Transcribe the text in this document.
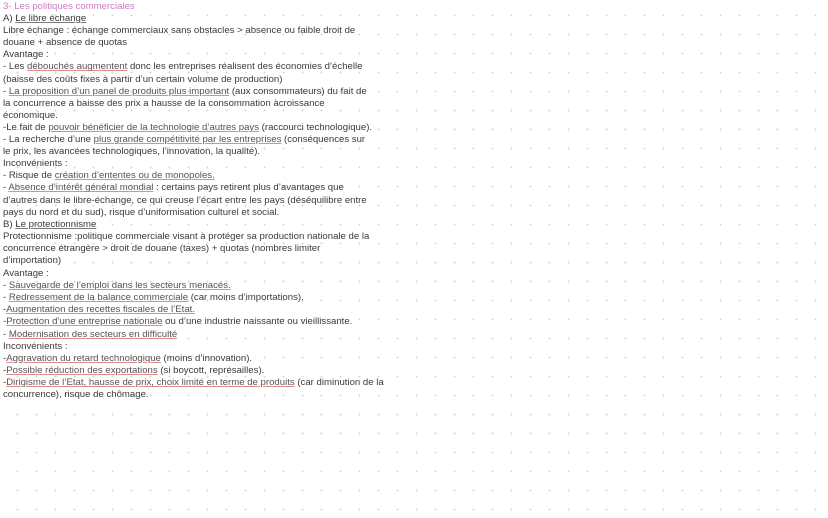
3- Les politiques commerciales
A) Le libre échange
Libre échange : échange commerciaux sans obstacles > absence ou faible droit de
douane + absence de quotas
Avantage :
- Les débouchés augmentent donc les entreprises réalisent des économies d’échelle
(baisse des coûts fixes à partir d’un certain volume de production)
- La proposition d’un panel de produits plus important (aux consommateurs) du fait de
la concurrence a baisse des prix a hausse de la consommation àcroissance
économique.
-Le fait de pouvoir bénéficier de la technologie d’autres pays (raccourci technologique).
- La recherche d’une plus grande compétitivité par les entreprises (conséquences sur
le prix, les avancées technologiques, l’innovation, la qualité).
Inconvénients :
- Risque de création d’ententes ou de monopoles.
- Absence d’intérêt général mondial : certains pays retirent plus d’avantages que
d’autres dans le libre-échange, ce qui creuse l’écart entre les pays (déséquilibre entre
pays du nord et du sud), risque d’uniformisation culturel et social.
B) Le protectionnisme
Protectionnisme :politique commerciale visant à protéger sa production nationale de la
concurrence étrangère > droit de douane (taxes) + quotas (nombres limiter
d’importation)
Avantage :
- Sauvegarde de l’emploi dans les secteurs menacés.
- Redressement de la balance commerciale (car moins d’importations).
-Augmentation des recettes fiscales de l’Etat.
-Protection d’une entreprise nationale ou d’une industrie naissante ou vieillissante.
- Modernisation des secteurs en difficulté
Inconvénients :
-Aggravation du retard technologique (moins d’innovation).
-Possible réduction des exportations (si boycott, représailles).
-Dirigisme de l’Etat, hausse de prix, choix limité en terme de produits (car diminution de la
concurrence), risque de chômage.
